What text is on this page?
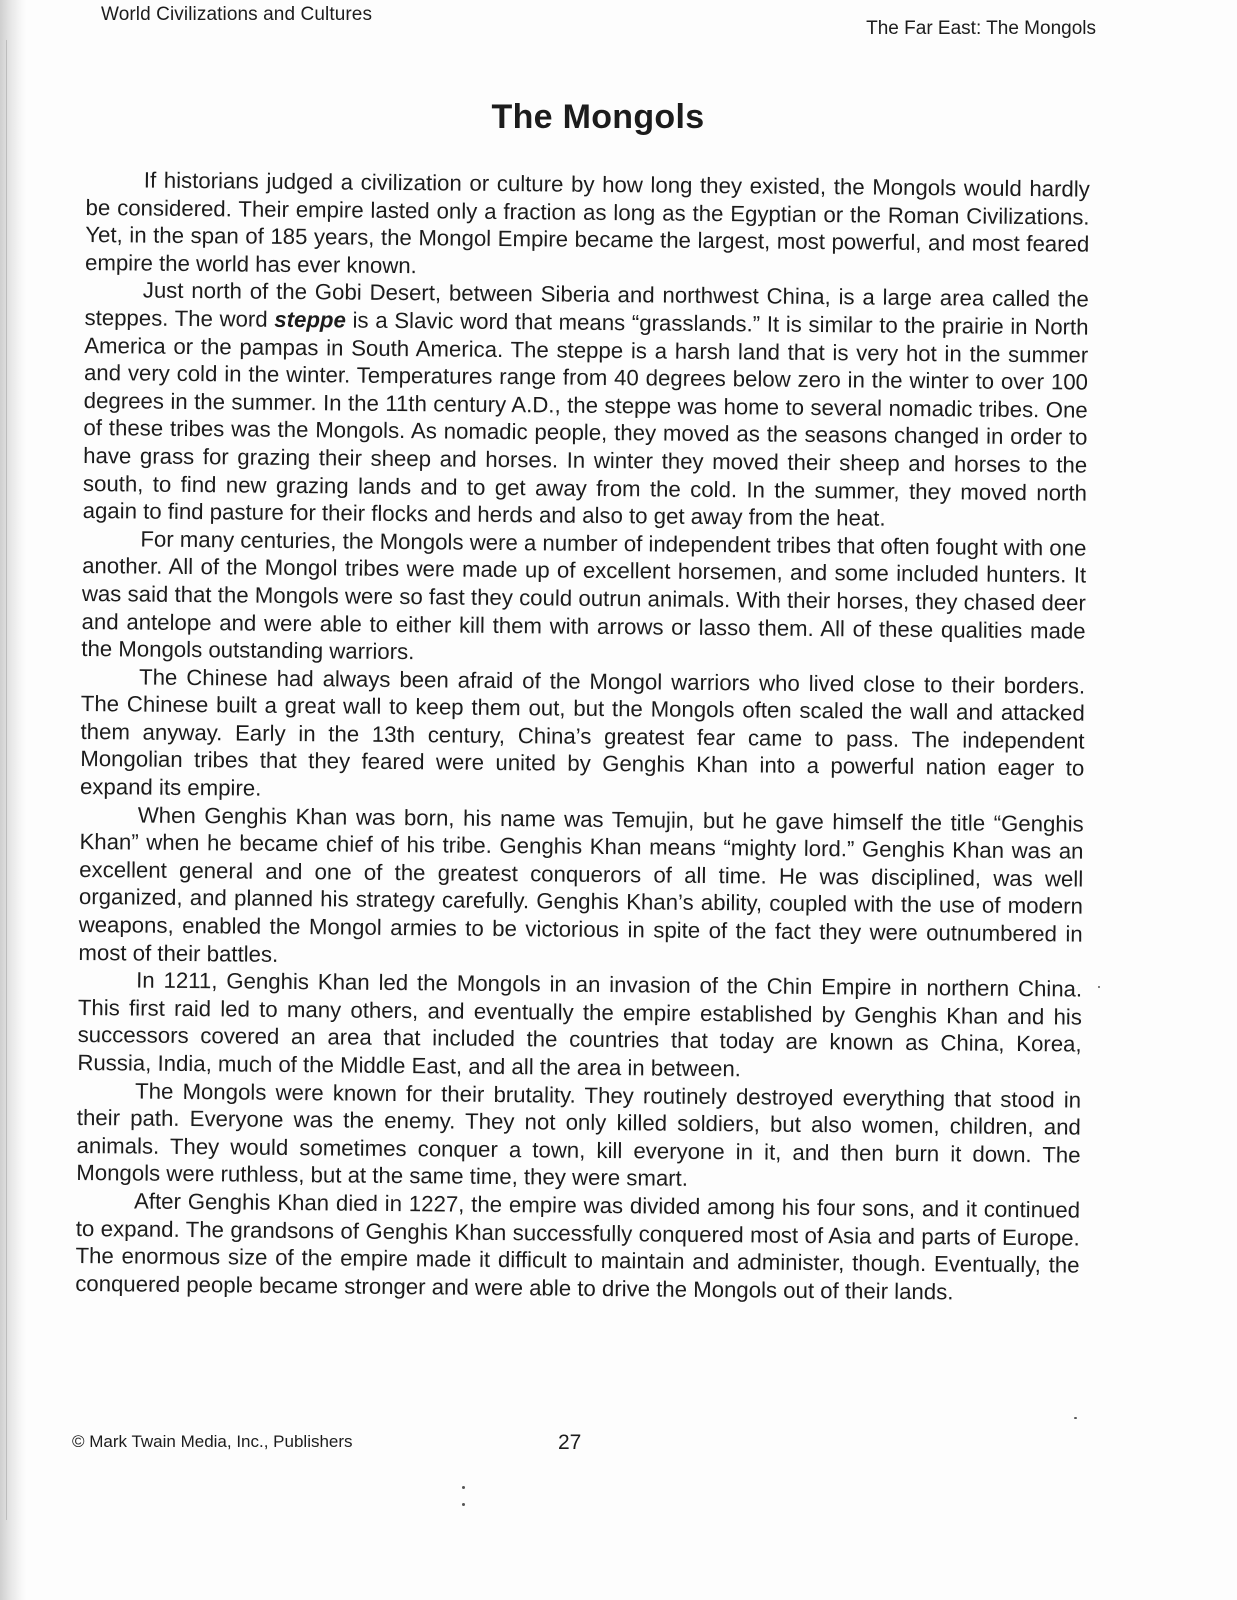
World Civilizations and Cultures
The Far East: The Mongols
The Mongols

If historians judged a civilization or culture by how long they existed, the Mongols would hardly be considered. Their empire lasted only a fraction as long as the Egyptian or the Roman Civilizations. Yet, in the span of 185 years, the Mongol Empire became the largest, most powerful, and most feared empire the world has ever known.

Just north of the Gobi Desert, between Siberia and northwest China, is a large area called the steppes. The word steppe is a Slavic word that means “grasslands.” It is similar to the prairie in North America or the pampas in South America. The steppe is a harsh land that is very hot in the summer and very cold in the winter. Temperatures range from 40 degrees below zero in the winter to over 100 degrees in the summer. In the 11th century A.D., the steppe was home to several nomadic tribes. One of these tribes was the Mongols. As nomadic people, they moved as the seasons changed in order to have grass for grazing their sheep and horses. In winter they moved their sheep and horses to the south, to find new grazing lands and to get away from the cold. In the summer, they moved north again to find pasture for their flocks and herds and also to get away from the heat.

For many centuries, the Mongols were a number of independent tribes that often fought with one another. All of the Mongol tribes were made up of excellent horsemen, and some included hunters. It was said that the Mongols were so fast they could outrun animals. With their horses, they chased deer and antelope and were able to either kill them with arrows or lasso them. All of these qualities made the Mongols outstanding warriors.

The Chinese had always been afraid of the Mongol warriors who lived close to their borders. The Chinese built a great wall to keep them out, but the Mongols often scaled the wall and attacked them anyway. Early in the 13th century, China’s greatest fear came to pass. The independent Mongolian tribes that they feared were united by Genghis Khan into a powerful nation eager to expand its empire.

When Genghis Khan was born, his name was Temujin, but he gave himself the title “Genghis Khan” when he became chief of his tribe. Genghis Khan means “mighty lord.” Genghis Khan was an excellent general and one of the greatest conquerors of all time. He was disciplined, was well organized, and planned his strategy carefully. Genghis Khan’s ability, coupled with the use of modern weapons, enabled the Mongol armies to be victorious in spite of the fact they were outnumbered in most of their battles.

In 1211, Genghis Khan led the Mongols in an invasion of the Chin Empire in northern China. This first raid led to many others, and eventually the empire established by Genghis Khan and his successors covered an area that included the countries that today are known as China, Korea, Russia, India, much of the Middle East, and all the area in between.

The Mongols were known for their brutality. They routinely destroyed everything that stood in their path. Everyone was the enemy. They not only killed soldiers, but also women, children, and animals. They would sometimes conquer a town, kill everyone in it, and then burn it down. The Mongols were ruthless, but at the same time, they were smart.

After Genghis Khan died in 1227, the empire was divided among his four sons, and it continued to expand. The grandsons of Genghis Khan successfully conquered most of Asia and parts of Europe. The enormous size of the empire made it difficult to maintain and administer, though. Eventually, the conquered people became stronger and were able to drive the Mongols out of their lands.

© Mark Twain Media, Inc., Publishers	27
